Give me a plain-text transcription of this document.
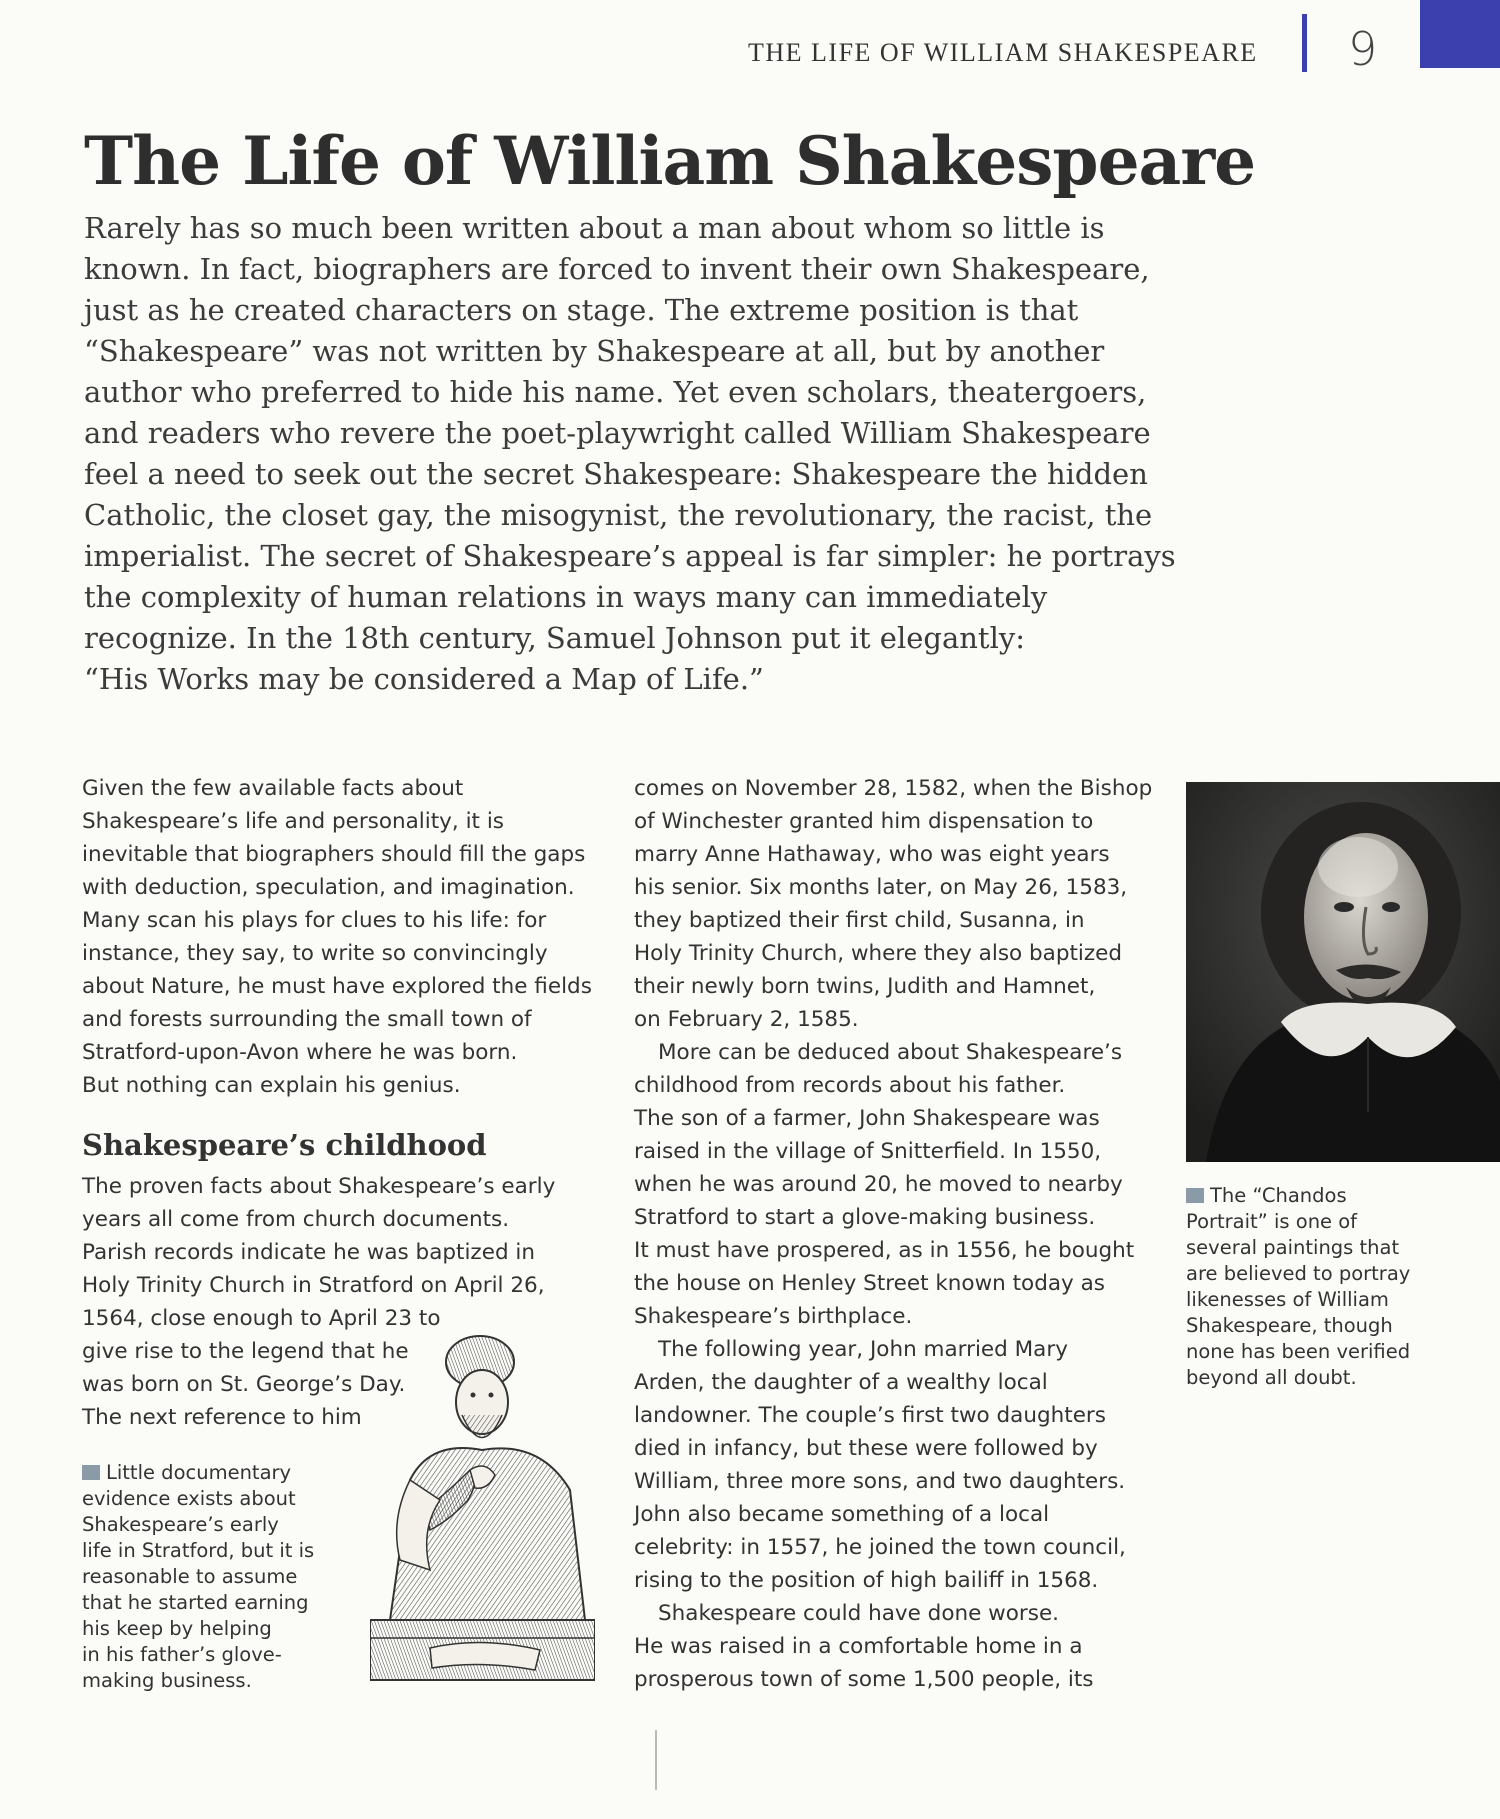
THE LIFE OF WILLIAM SHAKESPEARE 9
The Life of William Shakespeare
Rarely has so much been written about a man about whom so little is
known. In fact, biographers are forced to invent their own Shakespeare,
just as he created characters on stage. The extreme position is that
“Shakespeare” was not written by Shakespeare at all, but by another
author who preferred to hide his name. Yet even scholars, theatergoers,
and readers who revere the poet-playwright called William Shakespeare
feel a need to seek out the secret Shakespeare: Shakespeare the hidden
Catholic, the closet gay, the misogynist, the revolutionary, the racist, the
imperialist. The secret of Shakespeare’s appeal is far simpler: he portrays
the complexity of human relations in ways many can immediately
recognize. In the 18th century, Samuel Johnson put it elegantly:
“His Works may be considered a Map of Life.”
Given the few available facts about
Shakespeare’s life and personality, it is
inevitable that biographers should fill the gaps
with deduction, speculation, and imagination.
Many scan his plays for clues to his life: for
instance, they say, to write so convincingly
about Nature, he must have explored the fields
and forests surrounding the small town of
Stratford-upon-Avon where he was born.
But nothing can explain his genius.
Shakespeare’s childhood
The proven facts about Shakespeare’s early
years all come from church documents.
Parish records indicate he was baptized in
Holy Trinity Church in Stratford on April 26,
1564, close enough to April 23 to
give rise to the legend that he
was born on St. George’s Day.
The next reference to him
comes on November 28, 1582, when the Bishop
of Winchester granted him dispensation to
marry Anne Hathaway, who was eight years
his senior. Six months later, on May 26, 1583,
they baptized their first child, Susanna, in
Holy Trinity Church, where they also baptized
their newly born twins, Judith and Hamnet,
on February 2, 1585.
More can be deduced about Shakespeare’s
childhood from records about his father.
The son of a farmer, John Shakespeare was
raised in the village of Snitterfield. In 1550,
when he was around 20, he moved to nearby
Stratford to start a glove-making business.
It must have prospered, as in 1556, he bought
the house on Henley Street known today as
Shakespeare’s birthplace.
The following year, John married Mary
Arden, the daughter of a wealthy local
landowner. The couple’s first two daughters
died in infancy, but these were followed by
William, three more sons, and two daughters.
John also became something of a local
celebrity: in 1557, he joined the town council,
rising to the position of high bailiff in 1568.
Shakespeare could have done worse.
He was raised in a comfortable home in a
prosperous town of some 1,500 people, its
Little documentary
evidence exists about
Shakespeare’s early
life in Stratford, but it is
reasonable to assume
that he started earning
his keep by helping
in his father’s glove-
making business.
The “Chandos
Portrait” is one of
several paintings that
are believed to portray
likenesses of William
Shakespeare, though
none has been verified
beyond all doubt.
